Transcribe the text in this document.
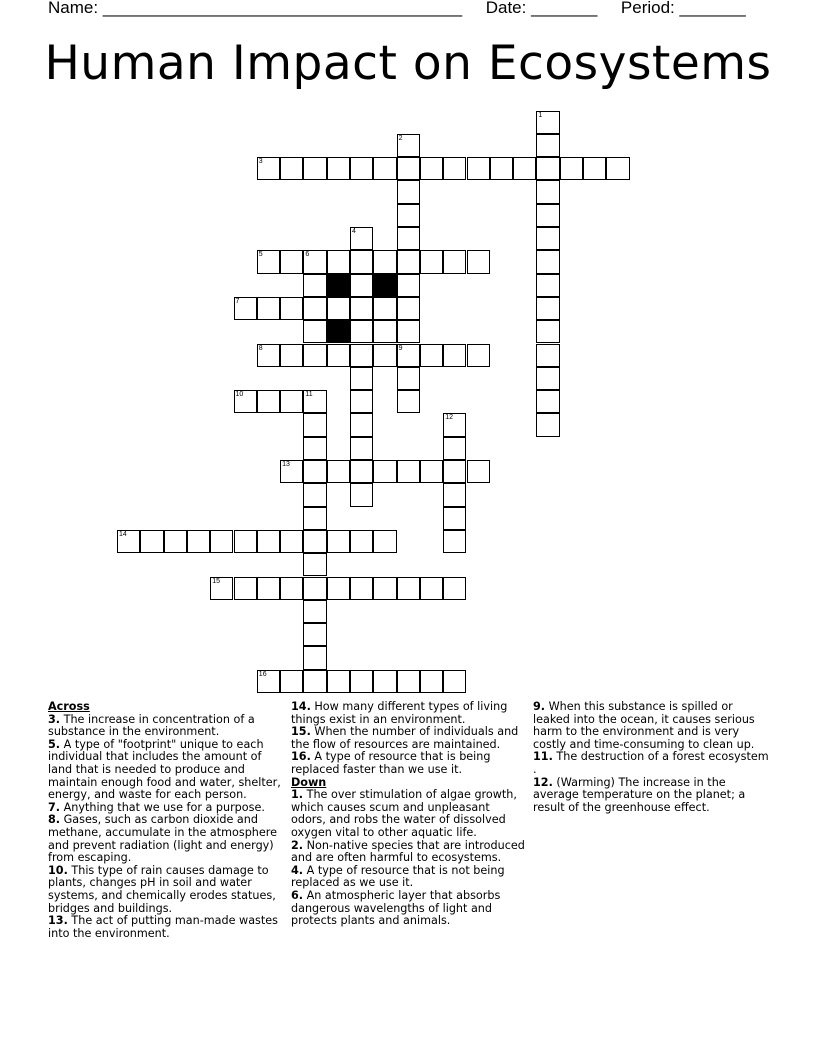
Name: ______________________________________ Date: _______ Period: _______
Human Impact on Ecosystems
1
2
9
3
4
5	6
7
8
10	11
12
13
14
15
16
Across
3. The increase in concentration of a substance in the environment.
5. A type of "footprint" unique to each individual that includes the amount of land that is needed to produce and maintain enough food and water, shelter, energy, and waste for each person.
7. Anything that we use for a purpose.
8. Gases, such as carbon dioxide and methane, accumulate in the atmosphere and prevent radiation (light and energy) from escaping.
10. This type of rain causes damage to plants, changes pH in soil and water systems, and chemically erodes statues, bridges and buildings.
13. The act of putting man-made wastes into the environment.
14. How many different types of living things exist in an environment.
15. When the number of individuals and the flow of resources are maintained.
16. A type of resource that is being replaced faster than we use it.
Down
1. The over stimulation of algae growth, which causes scum and unpleasant odors, and robs the water of dissolved oxygen vital to other aquatic life.
2. Non-native species that are introduced and are often harmful to ecosystems.
4. A type of resource that is not being replaced as we use it.
6. An atmospheric layer that absorbs dangerous wavelengths of light and protects plants and animals.
9. When this substance is spilled or leaked into the ocean, it causes serious harm to the environment and is very costly and time-consuming to clean up.
11. The destruction of a forest ecosystem .
12. (Warming) The increase in the average temperature on the planet; a result of the greenhouse effect.
